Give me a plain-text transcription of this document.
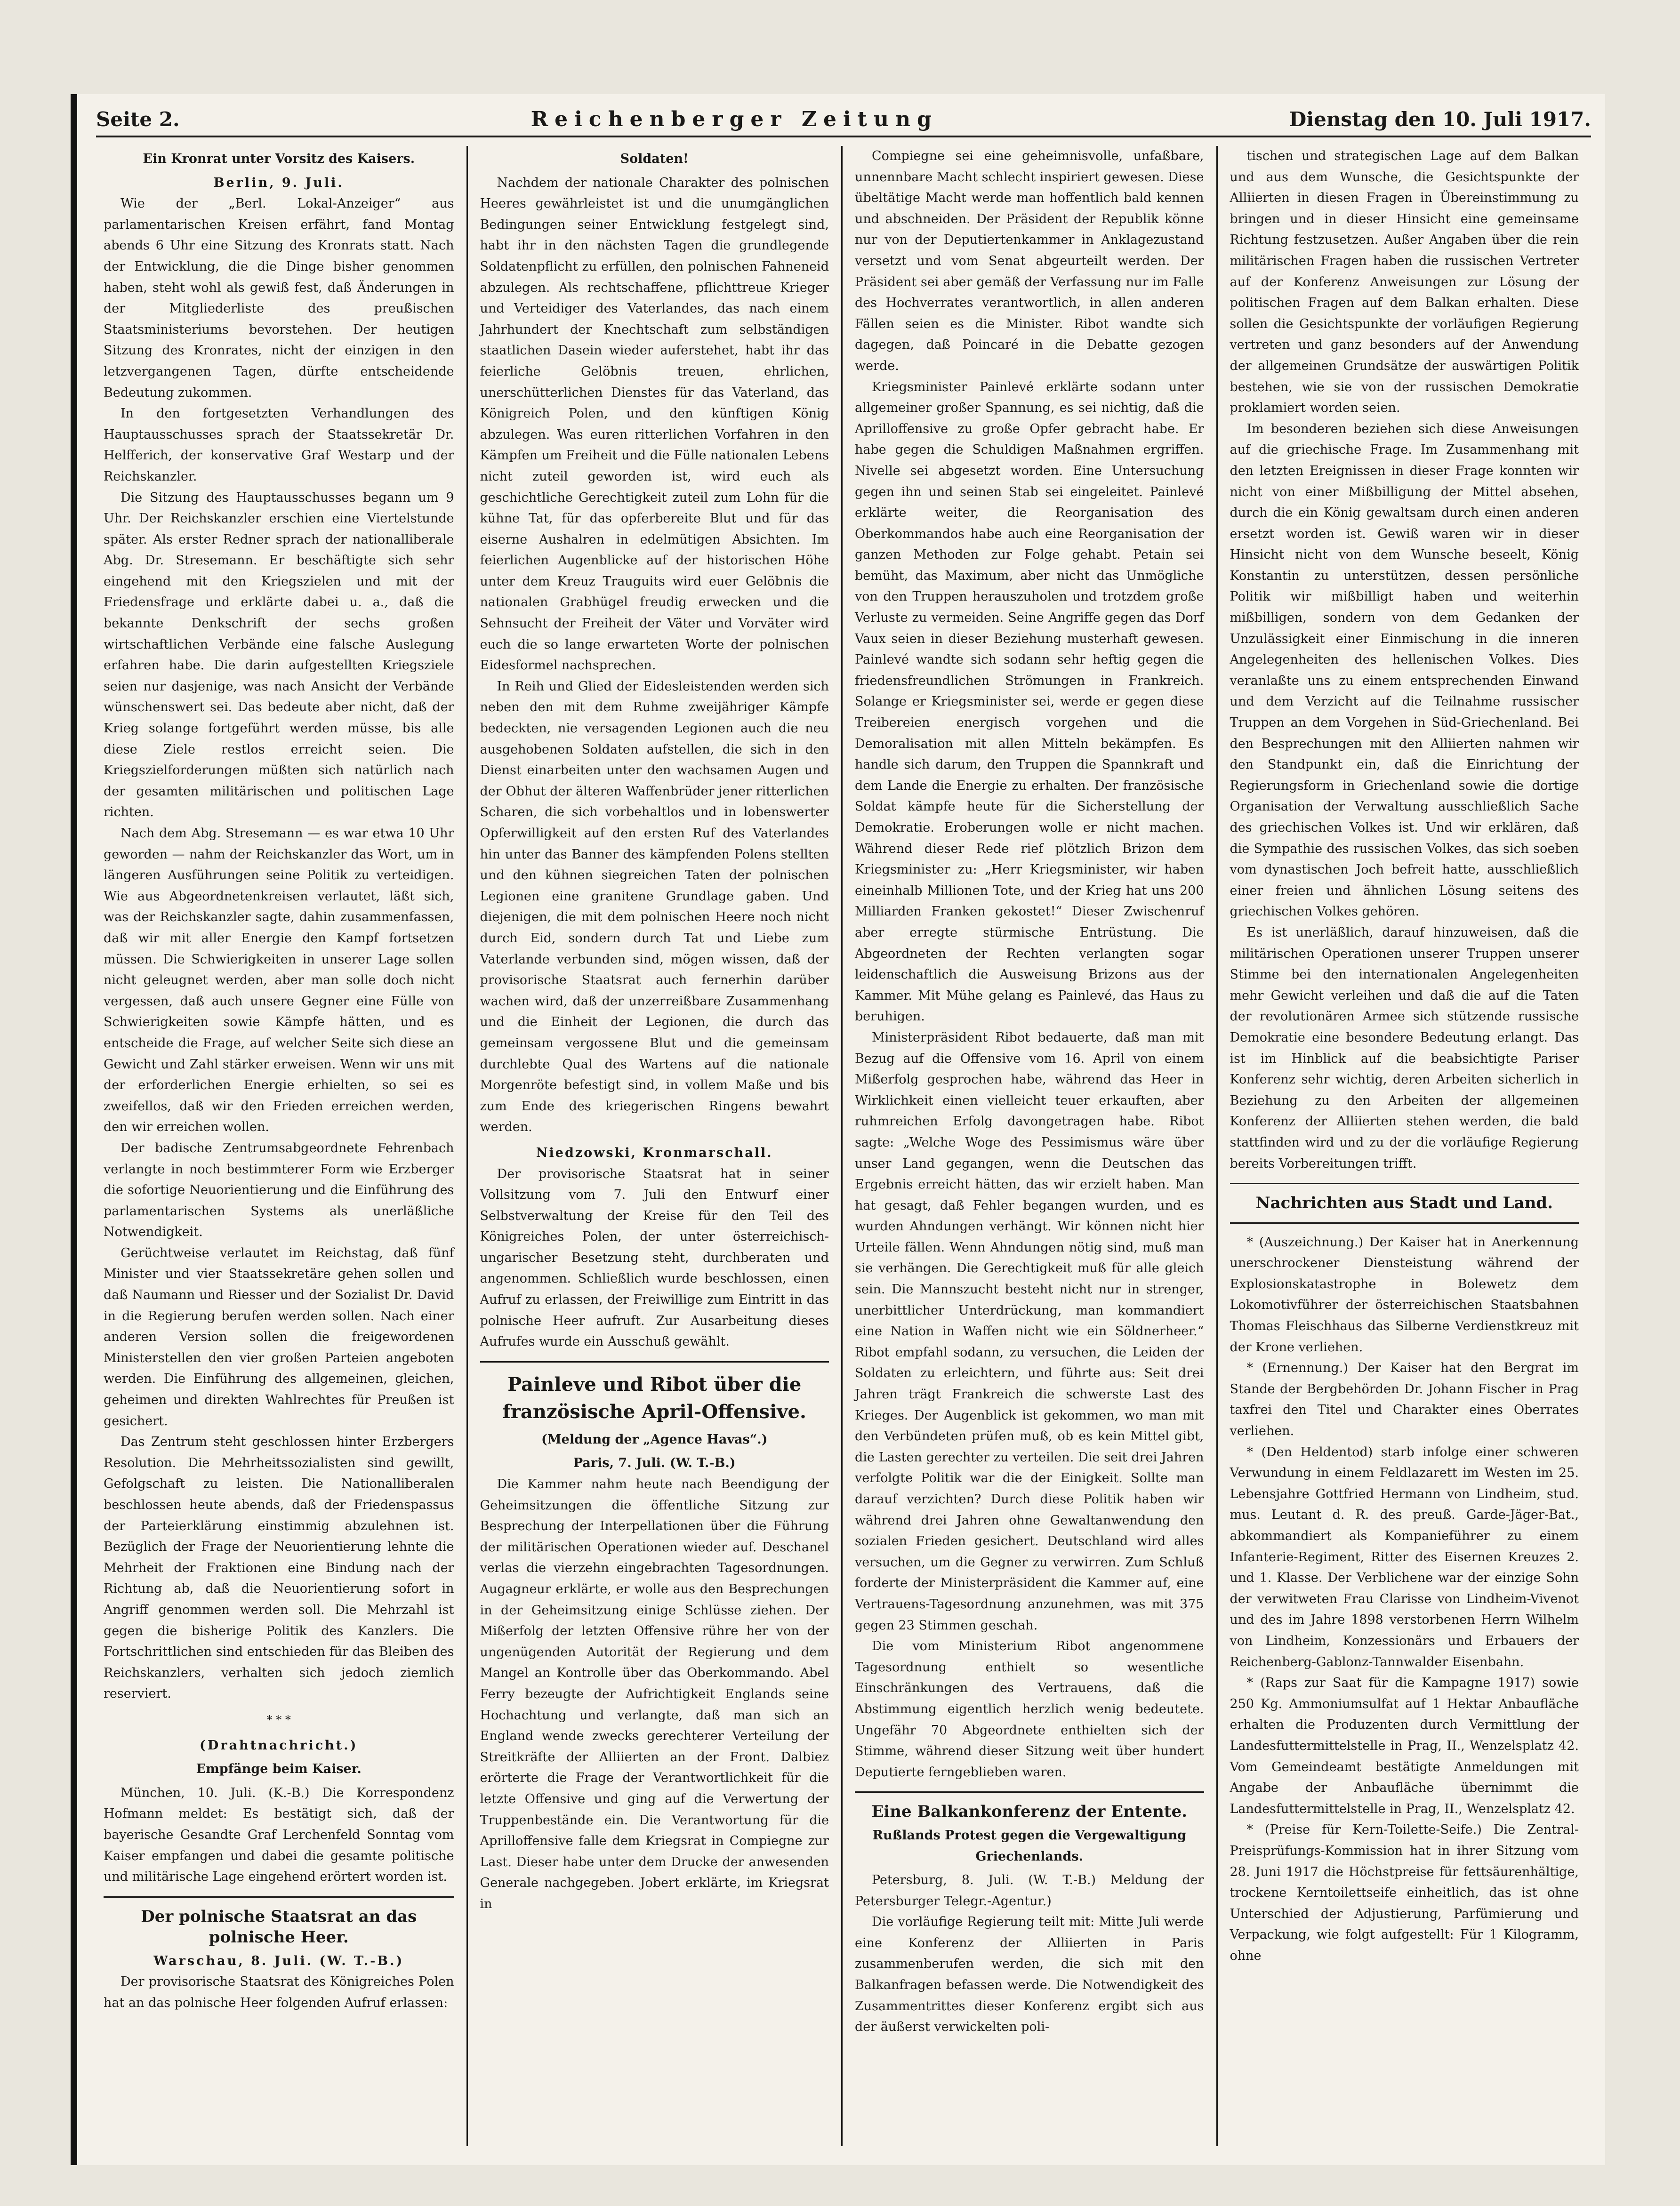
Seite 2.	Reichenberger Zeitung	Dienstag den 10. Juli 1917.

Ein Kronrat unter Vorsitz des Kaisers.

Berlin, 9. Juli.

Wie der „Berl. Lokal-Anzeiger“ aus parlamentarischen Kreisen erfährt, fand Montag abends 6 Uhr eine Sitzung des Kronrats statt. Nach der Entwicklung, die die Dinge bisher genommen haben, steht wohl als gewiß fest, daß Änderungen in der Mitgliederliste des preußischen Staatsministeriums bevorstehen. Der heutigen Sitzung des Kronrates, nicht der einzigen in den letzvergangenen Tagen, dürfte entscheidende Bedeutung zukommen.

In den fortgesetzten Verhandlungen des Hauptausschusses sprach der Staatssekretär Dr. Helfferich, der konservative Graf Westarp und der Reichskanzler.

Die Sitzung des Hauptausschusses begann um 9 Uhr. Der Reichskanzler erschien eine Viertelstunde später. Als erster Redner sprach der nationalliberale Abg. Dr. Stresemann. Er beschäftigte sich sehr eingehend mit den Kriegszielen und mit der Friedensfrage und erklärte dabei u. a., daß die bekannte Denkschrift der sechs großen wirtschaftlichen Verbände eine falsche Auslegung erfahren habe. Die darin aufgestellten Kriegsziele seien nur dasjenige, was nach Ansicht der Verbände wünschenswert sei. Das bedeute aber nicht, daß der Krieg solange fortgeführt werden müsse, bis alle diese Ziele restlos erreicht seien. Die Kriegszielforderungen müßten sich natürlich nach der gesamten militärischen und politischen Lage richten.

Nach dem Abg. Stresemann — es war etwa 10 Uhr geworden — nahm der Reichskanzler das Wort, um in längeren Ausführungen seine Politik zu verteidigen. Wie aus Abgeordnetenkreisen verlautet, läßt sich, was der Reichskanzler sagte, dahin zusammenfassen, daß wir mit aller Energie den Kampf fortsetzen müssen. Die Schwierigkeiten in unserer Lage sollen nicht geleugnet werden, aber man solle doch nicht vergessen, daß auch unsere Gegner eine Fülle von Schwierigkeiten sowie Kämpfe hätten, und es entscheide die Frage, auf welcher Seite sich diese an Gewicht und Zahl stärker erweisen. Wenn wir uns mit der erforderlichen Energie erhielten, so sei es zweifellos, daß wir den Frieden erreichen werden, den wir erreichen wollen.

Der badische Zentrumsabgeordnete Fehrenbach verlangte in noch bestimmterer Form wie Erzberger die sofortige Neuorientierung und die Einführung des parlamentarischen Systems als unerläßliche Notwendigkeit.

Gerüchtweise verlautet im Reichstag, daß fünf Minister und vier Staatssekretäre gehen sollen und daß Naumann und Riesser und der Sozialist Dr. David in die Regierung berufen werden sollen. Nach einer anderen Version sollen die freigewordenen Ministerstellen den vier großen Parteien angeboten werden. Die Einführung des allgemeinen, gleichen, geheimen und direkten Wahlrechtes für Preußen ist gesichert.

Das Zentrum steht geschlossen hinter Erzbergers Resolution. Die Mehrheitssozialisten sind gewillt, Gefolgschaft zu leisten. Die Nationalliberalen beschlossen heute abends, daß der Friedenspassus der Parteierklärung einstimmig abzulehnen ist. Bezüglich der Frage der Neuorientierung lehnte die Mehrheit der Fraktionen eine Bindung nach der Richtung ab, daß die Neuorientierung sofort in Angriff genommen werden soll. Die Mehrzahl ist gegen die bisherige Politik des Kanzlers. Die Fortschrittlichen sind entschieden für das Bleiben des Reichskanzlers, verhalten sich jedoch ziemlich reserviert.

* * *

(Drahtnachricht.)

Empfänge beim Kaiser.

München, 10. Juli. (K.-B.) Die Korrespondenz Hofmann meldet: Es bestätigt sich, daß der bayerische Gesandte Graf Lerchenfeld Sonntag vom Kaiser empfangen und dabei die gesamte politische und militärische Lage eingehend erörtert worden ist.

Der polnische Staatsrat an das polnische Heer.

Warschau, 8. Juli. (W. T.-B.)

Der provisorische Staatsrat des Königreiches Polen hat an das polnische Heer folgenden Aufruf erlassen:

Soldaten!

Nachdem der nationale Charakter des polnischen Heeres gewährleistet ist und die unumgänglichen Bedingungen seiner Entwicklung festgelegt sind, habt ihr in den nächsten Tagen die grundlegende Soldatenpflicht zu erfüllen, den polnischen Fahneneid abzulegen. Als rechtschaffene, pflichttreue Krieger und Verteidiger des Vaterlandes, das nach einem Jahrhundert der Knechtschaft zum selbständigen staatlichen Dasein wieder auferstehet, habt ihr das feierliche Gelöbnis treuen, ehrlichen, unerschütterlichen Dienstes für das Vaterland, das Königreich Polen, und den künftigen König abzulegen. Was euren ritterlichen Vorfahren in den Kämpfen um Freiheit und die Fülle nationalen Lebens nicht zuteil geworden ist, wird euch als geschichtliche Gerechtigkeit zuteil zum Lohn für die kühne Tat, für das opferbereite Blut und für das eiserne Aushalren in edelmütigen Absichten. Im feierlichen Augenblicke auf der historischen Höhe unter dem Kreuz Trauguits wird euer Gelöbnis die nationalen Grabhügel freudig erwecken und die Sehnsucht der Freiheit der Väter und Vorväter wird euch die so lange erwarteten Worte der polnischen Eidesformel nachsprechen.

In Reih und Glied der Eidesleistenden werden sich neben den mit dem Ruhme zweijähriger Kämpfe bedeckten, nie versagenden Legionen auch die neu ausgehobenen Soldaten aufstellen, die sich in den Dienst einarbeiten unter den wachsamen Augen und der Obhut der älteren Waffenbrüder jener ritterlichen Scharen, die sich vorbehaltlos und in lobenswerter Opferwilligkeit auf den ersten Ruf des Vaterlandes hin unter das Banner des kämpfenden Polens stellten und den kühnen siegreichen Taten der polnischen Legionen eine granitene Grundlage gaben. Und diejenigen, die mit dem polnischen Heere noch nicht durch Eid, sondern durch Tat und Liebe zum Vaterlande verbunden sind, mögen wissen, daß der provisorische Staatsrat auch fernerhin darüber wachen wird, daß der unzerreißbare Zusammenhang und die Einheit der Legionen, die durch das gemeinsam vergossene Blut und die gemeinsam durchlebte Qual des Wartens auf die nationale Morgenröte befestigt sind, in vollem Maße und bis zum Ende des kriegerischen Ringens bewahrt werden.

Niedzowski, Kronmarschall.

Der provisorische Staatsrat hat in seiner Vollsitzung vom 7. Juli den Entwurf einer Selbstverwaltung der Kreise für den Teil des Königreiches Polen, der unter österreichisch-ungarischer Besetzung steht, durchberaten und angenommen. Schließlich wurde beschlossen, einen Aufruf zu erlassen, der Freiwillige zum Eintritt in das polnische Heer aufruft. Zur Ausarbeitung dieses Aufrufes wurde ein Ausschuß gewählt.

Painleve und Ribot über die französische April-Offensive.

(Meldung der „Agence Havas“.)

Paris, 7. Juli. (W. T.-B.)

Die Kammer nahm heute nach Beendigung der Geheimsitzungen die öffentliche Sitzung zur Besprechung der Interpellationen über die Führung der militärischen Operationen wieder auf. Deschanel verlas die vierzehn eingebrachten Tagesordnungen. Augagneur erklärte, er wolle aus den Besprechungen in der Geheimsitzung einige Schlüsse ziehen. Der Mißerfolg der letzten Offensive rühre her von der ungenügenden Autorität der Regierung und dem Mangel an Kontrolle über das Oberkommando. Abel Ferry bezeugte der Aufrichtigkeit Englands seine Hochachtung und verlangte, daß man sich an England wende zwecks gerechterer Verteilung der Streitkräfte der Alliierten an der Front. Dalbiez erörterte die Frage der Verantwortlichkeit für die letzte Offensive und ging auf die Verwertung der Truppenbestände ein. Die Verantwortung für die Aprilloffensive falle dem Kriegsrat in Compiegne zur Last. Dieser habe unter dem Drucke der anwesenden Generale nachgegeben. Jobert erklärte, im Kriegsrat in

Compiegne sei eine geheimnisvolle, unfaßbare, unnennbare Macht schlecht inspiriert gewesen. Diese übeltätige Macht werde man hoffentlich bald kennen und abschneiden. Der Präsident der Republik könne nur von der Deputiertenkammer in Anklagezustand versetzt und vom Senat abgeurteilt werden. Der Präsident sei aber gemäß der Verfassung nur im Falle des Hochverrates verantwortlich, in allen anderen Fällen seien es die Minister. Ribot wandte sich dagegen, daß Poincaré in die Debatte gezogen werde.

Kriegsminister Painlevé erklärte sodann unter allgemeiner großer Spannung, es sei nichtig, daß die Aprilloffensive zu große Opfer gebracht habe. Er habe gegen die Schuldigen Maßnahmen ergriffen. Nivelle sei abgesetzt worden. Eine Untersuchung gegen ihn und seinen Stab sei eingeleitet. Painlevé erklärte weiter, die Reorganisation des Oberkommandos habe auch eine Reorganisation der ganzen Methoden zur Folge gehabt. Petain sei bemüht, das Maximum, aber nicht das Unmögliche von den Truppen herauszuholen und trotzdem große Verluste zu vermeiden. Seine Angriffe gegen das Dorf Vaux seien in dieser Beziehung musterhaft gewesen. Painlevé wandte sich sodann sehr heftig gegen die friedensfreundlichen Strömungen in Frankreich. Solange er Kriegsminister sei, werde er gegen diese Treibereien energisch vorgehen und die Demoralisation mit allen Mitteln bekämpfen. Es handle sich darum, den Truppen die Spannkraft und dem Lande die Energie zu erhalten. Der französische Soldat kämpfe heute für die Sicherstellung der Demokratie. Eroberungen wolle er nicht machen. Während dieser Rede rief plötzlich Brizon dem Kriegsminister zu: „Herr Kriegsminister, wir haben eineinhalb Millionen Tote, und der Krieg hat uns 200 Milliarden Franken gekostet!“ Dieser Zwischenruf aber erregte stürmische Entrüstung. Die Abgeordneten der Rechten verlangten sogar leidenschaftlich die Ausweisung Brizons aus der Kammer. Mit Mühe gelang es Painlevé, das Haus zu beruhigen.

Ministerpräsident Ribot bedauerte, daß man mit Bezug auf die Offensive vom 16. April von einem Mißerfolg gesprochen habe, während das Heer in Wirklichkeit einen vielleicht teuer erkauften, aber ruhmreichen Erfolg davongetragen habe. Ribot sagte: „Welche Woge des Pessimismus wäre über unser Land gegangen, wenn die Deutschen das Ergebnis erreicht hätten, das wir erzielt haben. Man hat gesagt, daß Fehler begangen wurden, und es wurden Ahndungen verhängt. Wir können nicht hier Urteile fällen. Wenn Ahndungen nötig sind, muß man sie verhängen. Die Gerechtigkeit muß für alle gleich sein. Die Mannszucht besteht nicht nur in strenger, unerbittlicher Unterdrückung, man kommandiert eine Nation in Waffen nicht wie ein Söldnerheer.“ Ribot empfahl sodann, zu versuchen, die Leiden der Soldaten zu erleichtern, und führte aus: Seit drei Jahren trägt Frankreich die schwerste Last des Krieges. Der Augenblick ist gekommen, wo man mit den Verbündeten prüfen muß, ob es kein Mittel gibt, die Lasten gerechter zu verteilen. Die seit drei Jahren verfolgte Politik war die der Einigkeit. Sollte man darauf verzichten? Durch diese Politik haben wir während drei Jahren ohne Gewaltanwendung den sozialen Frieden gesichert. Deutschland wird alles versuchen, um die Gegner zu verwirren. Zum Schluß forderte der Ministerpräsident die Kammer auf, eine Vertrauens-Tagesordnung anzunehmen, was mit 375 gegen 23 Stimmen geschah.

Die vom Ministerium Ribot angenommene Tagesordnung enthielt so wesentliche Einschränkungen des Vertrauens, daß die Abstimmung eigentlich herzlich wenig bedeutete. Ungefähr 70 Abgeordnete enthielten sich der Stimme, während dieser Sitzung weit über hundert Deputierte ferngeblieben waren.

Eine Balkankonferenz der Entente.

Rußlands Protest gegen die Vergewaltigung Griechenlands.

Petersburg, 8. Juli. (W. T.-B.) Meldung der Petersburger Telegr.-Agentur.)

Die vorläufige Regierung teilt mit: Mitte Juli werde eine Konferenz der Alliierten in Paris zusammenberufen werden, die sich mit den Balkanfragen befassen werde. Die Notwendigkeit des Zusammentrittes dieser Konferenz ergibt sich aus der äußerst verwickelten poli-

tischen und strategischen Lage auf dem Balkan und aus dem Wunsche, die Gesichtspunkte der Alliierten in diesen Fragen in Übereinstimmung zu bringen und in dieser Hinsicht eine gemeinsame Richtung festzusetzen. Außer Angaben über die rein militärischen Fragen haben die russischen Vertreter auf der Konferenz Anweisungen zur Lösung der politischen Fragen auf dem Balkan erhalten. Diese sollen die Gesichtspunkte der vorläufigen Regierung vertreten und ganz besonders auf der Anwendung der allgemeinen Grundsätze der auswärtigen Politik bestehen, wie sie von der russischen Demokratie proklamiert worden seien.

Im besonderen beziehen sich diese Anweisungen auf die griechische Frage. Im Zusammenhang mit den letzten Ereignissen in dieser Frage konnten wir nicht von einer Mißbilligung der Mittel absehen, durch die ein König gewaltsam durch einen anderen ersetzt worden ist. Gewiß waren wir in dieser Hinsicht nicht von dem Wunsche beseelt, König Konstantin zu unterstützen, dessen persönliche Politik wir mißbilligt haben und weiterhin mißbilligen, sondern von dem Gedanken der Unzulässigkeit einer Einmischung in die inneren Angelegenheiten des hellenischen Volkes. Dies veranlaßte uns zu einem entsprechenden Einwand und dem Verzicht auf die Teilnahme russischer Truppen an dem Vorgehen in Süd-Griechenland. Bei den Besprechungen mit den Alliierten nahmen wir den Standpunkt ein, daß die Einrichtung der Regierungsform in Griechenland sowie die dortige Organisation der Verwaltung ausschließlich Sache des griechischen Volkes ist. Und wir erklären, daß die Sympathie des russischen Volkes, das sich soeben vom dynastischen Joch befreit hatte, ausschließlich einer freien und ähnlichen Lösung seitens des griechischen Volkes gehören.

Es ist unerläßlich, darauf hinzuweisen, daß die militärischen Operationen unserer Truppen unserer Stimme bei den internationalen Angelegenheiten mehr Gewicht verleihen und daß die auf die Taten der revolutionären Armee sich stützende russische Demokratie eine besondere Bedeutung erlangt. Das ist im Hinblick auf die beabsichtigte Pariser Konferenz sehr wichtig, deren Arbeiten sicherlich in Beziehung zu den Arbeiten der allgemeinen Konferenz der Alliierten stehen werden, die bald stattfinden wird und zu der die vorläufige Regierung bereits Vorbereitungen trifft.

Nachrichten aus Stadt und Land.

* (Auszeichnung.) Der Kaiser hat in Anerkennung unerschrockener Diensteistung während der Explosionskatastrophe in Bolewetz dem Lokomotivführer der österreichischen Staatsbahnen Thomas Fleischhaus das Silberne Verdienstkreuz mit der Krone verliehen.

* (Ernennung.) Der Kaiser hat den Bergrat im Stande der Bergbehörden Dr. Johann Fischer in Prag taxfrei den Titel und Charakter eines Oberrates verliehen.

* (Den Heldentod) starb infolge einer schweren Verwundung in einem Feldlazarett im Westen im 25. Lebensjahre Gottfried Hermann von Lindheim, stud. mus. Leutant d. R. des preuß. Garde-Jäger-Bat., abkommandiert als Kompanieführer zu einem Infanterie-Regiment, Ritter des Eisernen Kreuzes 2. und 1. Klasse. Der Verblichene war der einzige Sohn der verwitweten Frau Clarisse von Lindheim-Vivenot und des im Jahre 1898 verstorbenen Herrn Wilhelm von Lindheim, Konzessionärs und Erbauers der Reichenberg-Gablonz-Tannwalder Eisenbahn.

* (Raps zur Saat für die Kampagne 1917) sowie 250 Kg. Ammoniumsulfat auf 1 Hektar Anbaufläche erhalten die Produzenten durch Vermittlung der Landesfuttermittelstelle in Prag, II., Wenzelsplatz 42. Vom Gemeindeamt bestätigte Anmeldungen mit Angabe der Anbaufläche übernimmt die Landesfuttermittelstelle in Prag, II., Wenzelsplatz 42.

* (Preise für Kern-Toilette-Seife.) Die Zentral-Preisprüfungs-Kommission hat in ihrer Sitzung vom 28. Juni 1917 die Höchstpreise für fettsäurenhältige, trockene Kerntoilettseife einheitlich, das ist ohne Unterschied der Adjustierung, Parfümierung und Verpackung, wie folgt aufgestellt: Für 1 Kilogramm, ohne
